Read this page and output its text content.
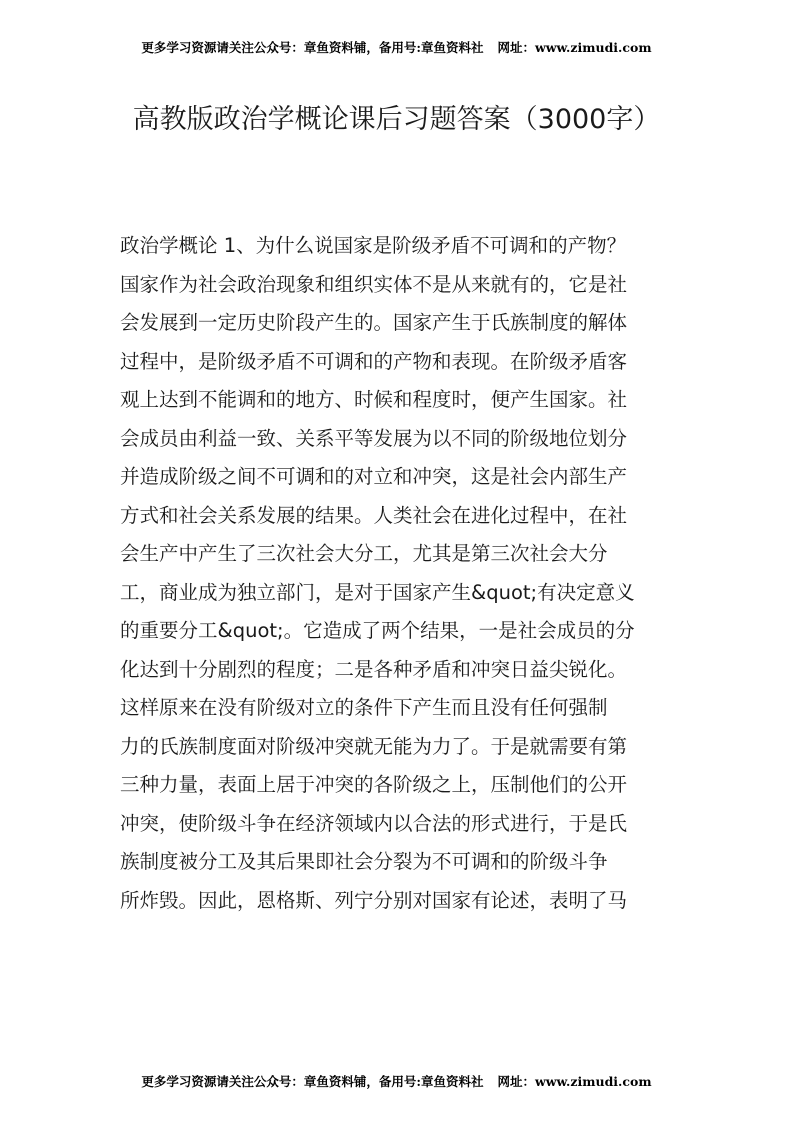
更多学习资源请关注公众号：章鱼资料铺，备用号:章鱼资料社 网址：www.zimudi.com
高教版政治学概论课后习题答案（3000字）
政治学概论 1、为什么说国家是阶级矛盾不可调和的产物？
国家作为社会政治现象和组织实体不是从来就有的，它是社
会发展到一定历史阶段产生的。国家产生于氏族制度的解体
过程中，是阶级矛盾不可调和的产物和表现。在阶级矛盾客
观上达到不能调和的地方、时候和程度时，便产生国家。社
会成员由利益一致、关系平等发展为以不同的阶级地位划分
并造成阶级之间不可调和的对立和冲突，这是社会内部生产
方式和社会关系发展的结果。人类社会在进化过程中，在社
会生产中产生了三次社会大分工，尤其是第三次社会大分
工，商业成为独立部门，是对于国家产生&quot;有决定意义
的重要分工&quot;。它造成了两个结果，一是社会成员的分
化达到十分剧烈的程度；二是各种矛盾和冲突日益尖锐化。
这样原来在没有阶级对立的条件下产生而且没有任何强制
力的氏族制度面对阶级冲突就无能为力了。于是就需要有第
三种力量，表面上居于冲突的各阶级之上，压制他们的公开
冲突，使阶级斗争在经济领域内以合法的形式进行，于是氏
族制度被分工及其后果即社会分裂为不可调和的阶级斗争
所炸毁。因此，恩格斯、列宁分别对国家有论述，表明了马
更多学习资源请关注公众号：章鱼资料铺，备用号:章鱼资料社 网址：www.zimudi.com
